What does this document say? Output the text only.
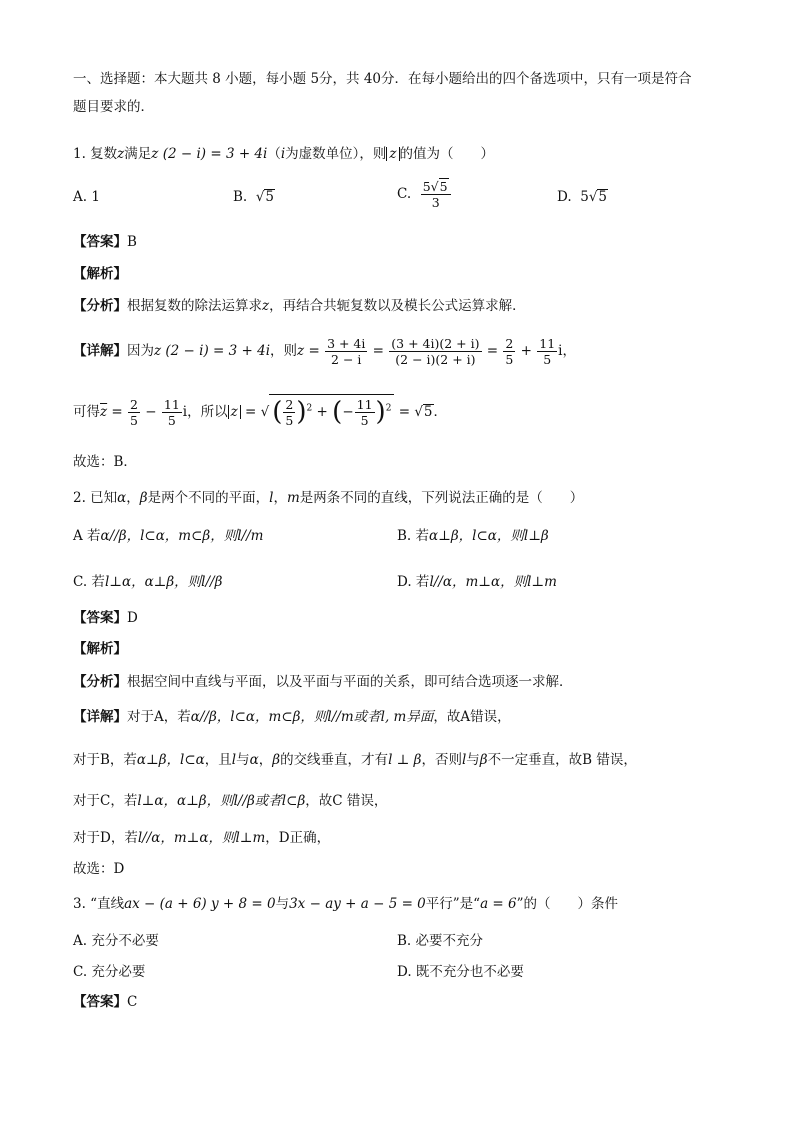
一、选择题：本大题共 8 小题，每小题 5分，共 40分．在每小题给出的四个备选项中，只有一项是符合
题目要求的．
1. 复数z满足z (2 − i) = 3 + 4i（i为虚数单位），则 z 的值为（　　）
A. 1	B.  √5	C. $\frac{5√5}{3}$	D.  5√5
【答案】B
【解析】
【分析】根据复数的除法运算求z，再结合共轭复数以及模长公式运算求解．
【详解】因为z (2 − i) = 3 + 4i，则$z = \frac{3 + 4i}{2 - i} = \frac{(3 + 4i)(2 + i)}{(2 - i)(2 + i)} = \frac{2}{5} + \frac{11}{5}$ i，
可得$\overline{z} = \frac{2}{5} - \frac{11}{5}$ i，所以 z = √ ( $\frac{2}{5} )^2$ + (− $\frac{11}{5} )^2 = √5$．
故选：B．
2. 已知α，β是两个不同的平面，l，m是两条不同的直线，下列说法正确的是（　　）
A 若α//β，l⊂α，m⊂β，则l//m	B. 若α⊥β，l⊂α，则l⊥β
C. 若l⊥α，α⊥β，则l//β	D. 若l//α，m⊥α，则l⊥m
【答案】D
【解析】
【分析】根据空间中直线与平面，以及平面与平面的关系，即可结合选项逐一求解．
【详解】对于A，若α//β，l⊂α，m⊂β，则l//m或者l, m异面，故A错误，
对于B，若α⊥β，l⊂α，且l与α，β的交线垂直，才有l ⊥ β，否则l与β不一定垂直，故B 错误，
对于C，若l⊥α，α⊥β，则l//β或者l⊂β，故C 错误，
对于D，若l//α，m⊥α，则l⊥m，D正确，
故选：D
3. “直线ax − (a + 6) y + 8 = 0与3x − ay + a − 5 = 0平行”是“a = 6”的（　　）条件
A. 充分不必要	B. 必要不充分
C. 充分必要	D. 既不充分也不必要
【答案】C
